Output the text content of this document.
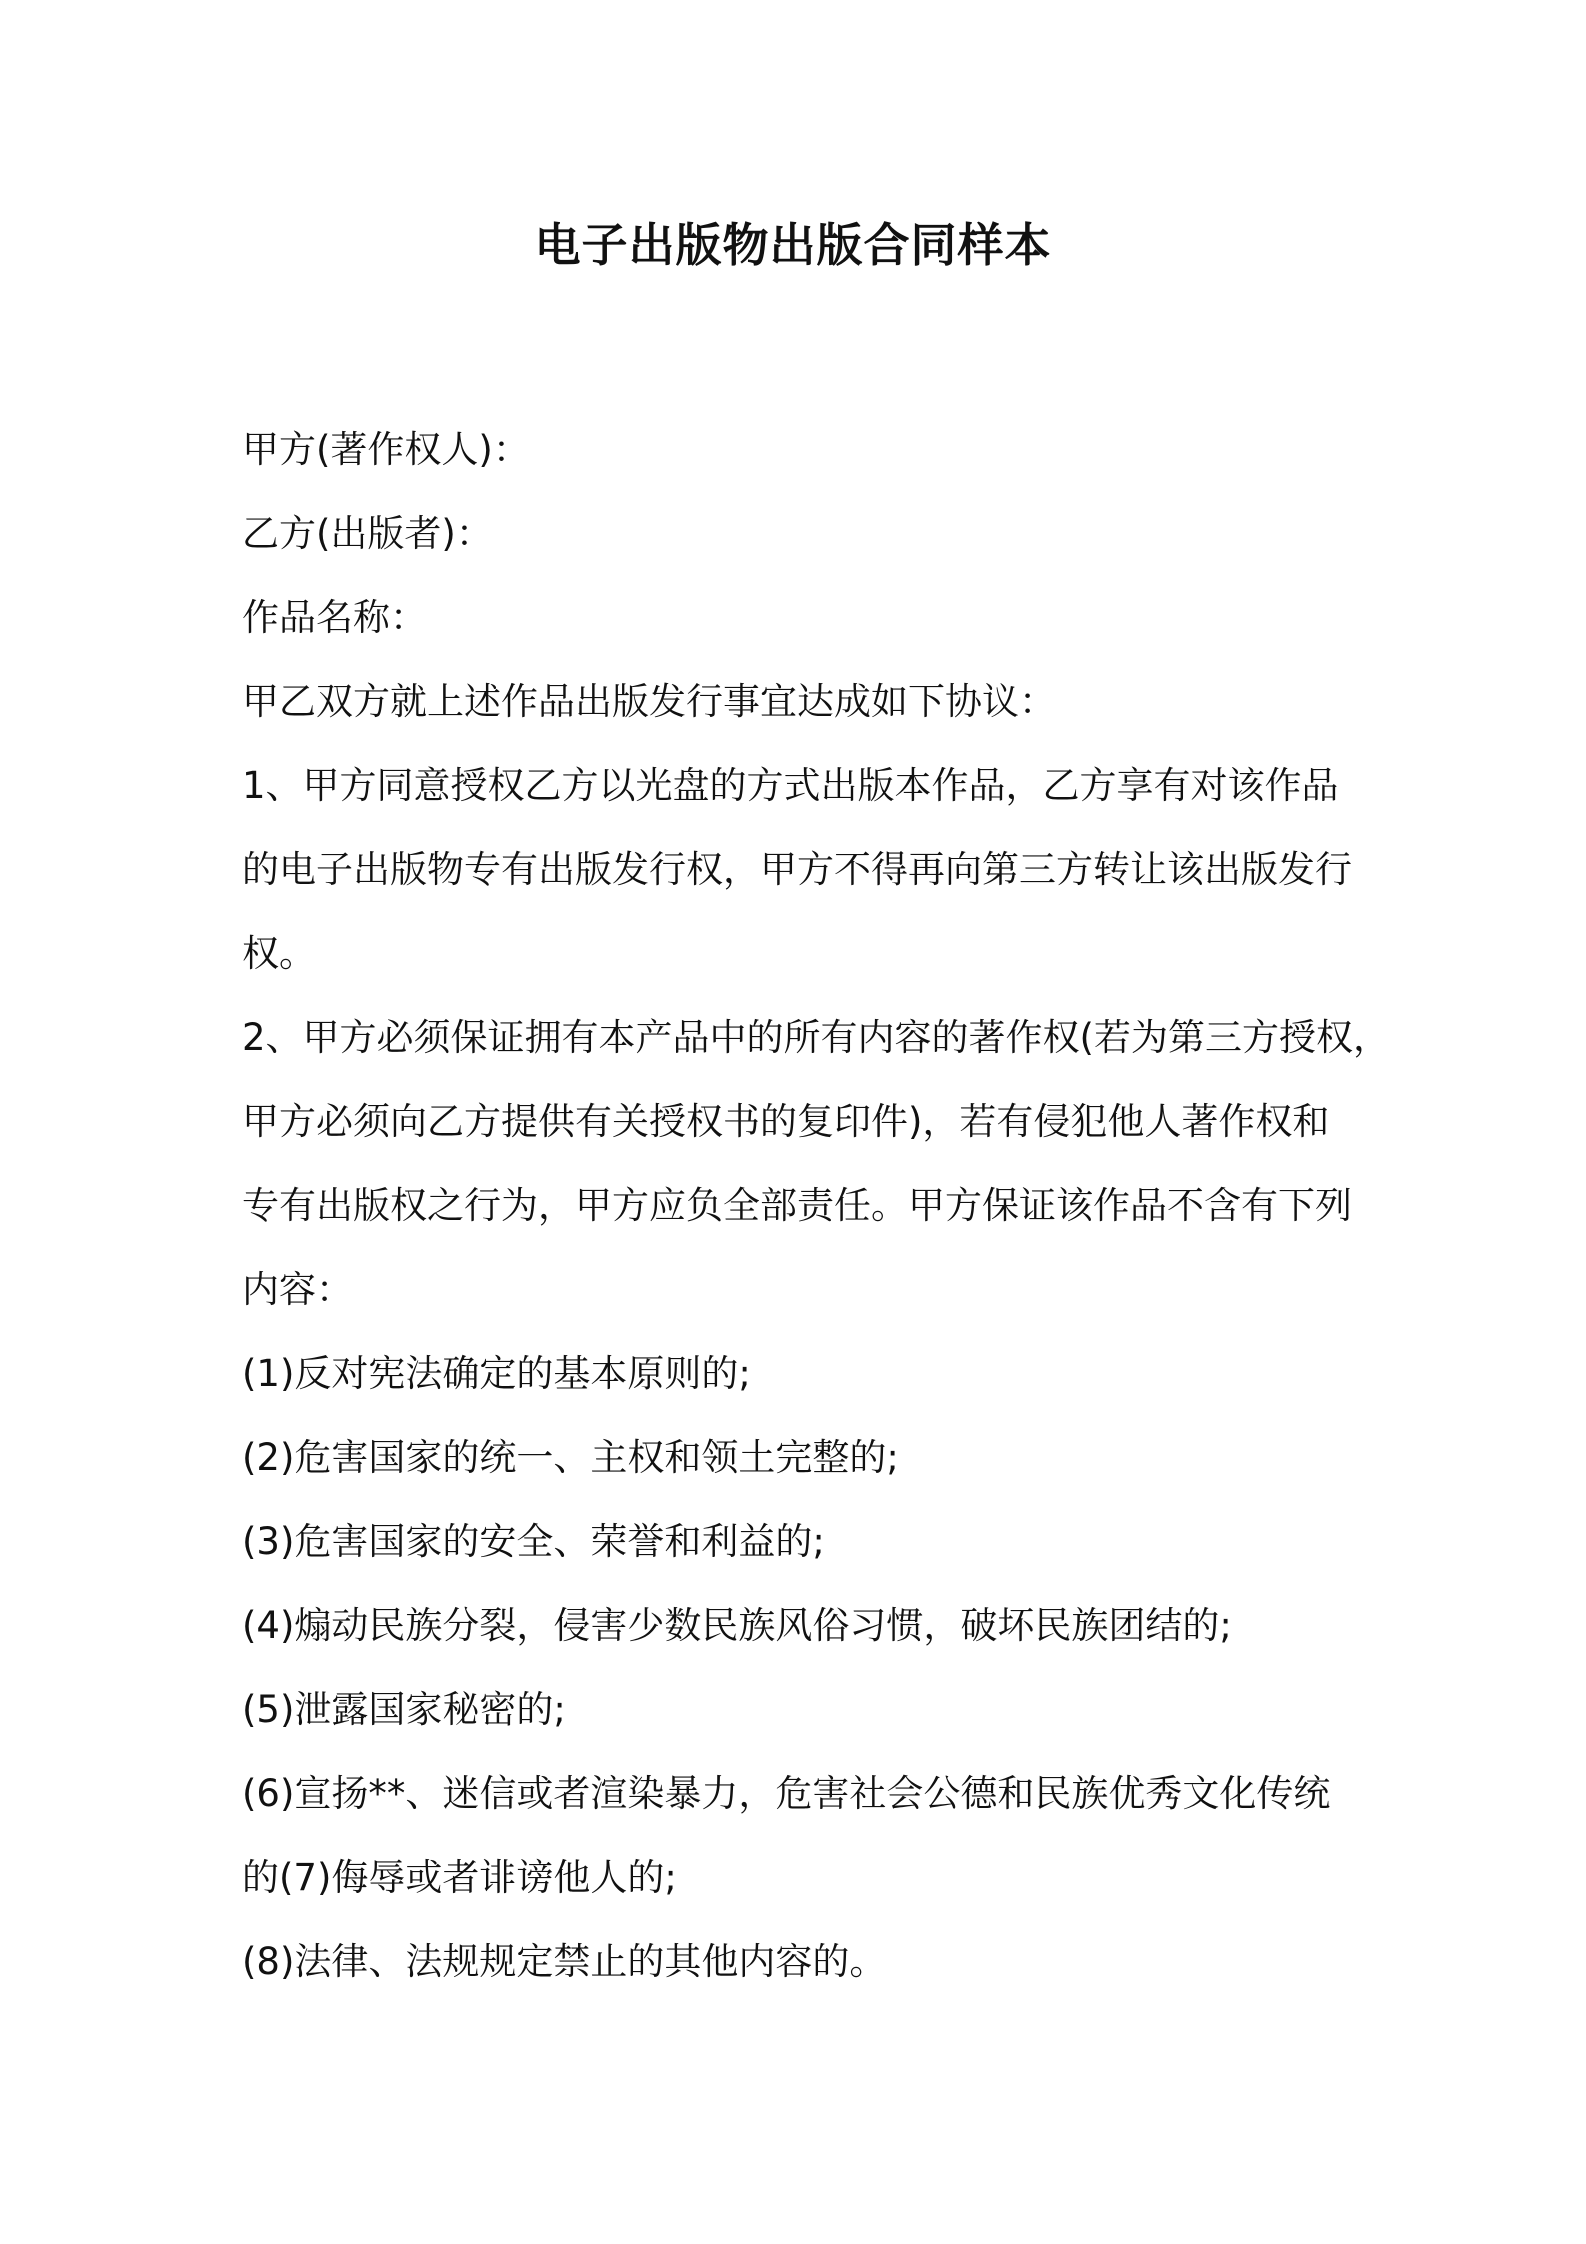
电子出版物出版合同样本
甲方(著作权人)：
乙方(出版者)：
作品名称：
甲乙双方就上述作品出版发行事宜达成如下协议：
1、甲方同意授权乙方以光盘的方式出版本作品，乙方享有对该作品
的电子出版物专有出版发行权，甲方不得再向第三方转让该出版发行
权。
2、甲方必须保证拥有本产品中的所有内容的著作权(若为第三方授权，
甲方必须向乙方提供有关授权书的复印件)，若有侵犯他人著作权和
专有出版权之行为，甲方应负全部责任。甲方保证该作品不含有下列
内容：
(1)反对宪法确定的基本原则的;
(2)危害国家的统一、主权和领土完整的;
(3)危害国家的安全、荣誉和利益的;
(4)煽动民族分裂，侵害少数民族风俗习惯，破坏民族团结的;
(5)泄露国家秘密的;
(6)宣扬**、迷信或者渲染暴力，危害社会公德和民族优秀文化传统
的(7)侮辱或者诽谤他人的;
(8)法律、法规规定禁止的其他内容的。
